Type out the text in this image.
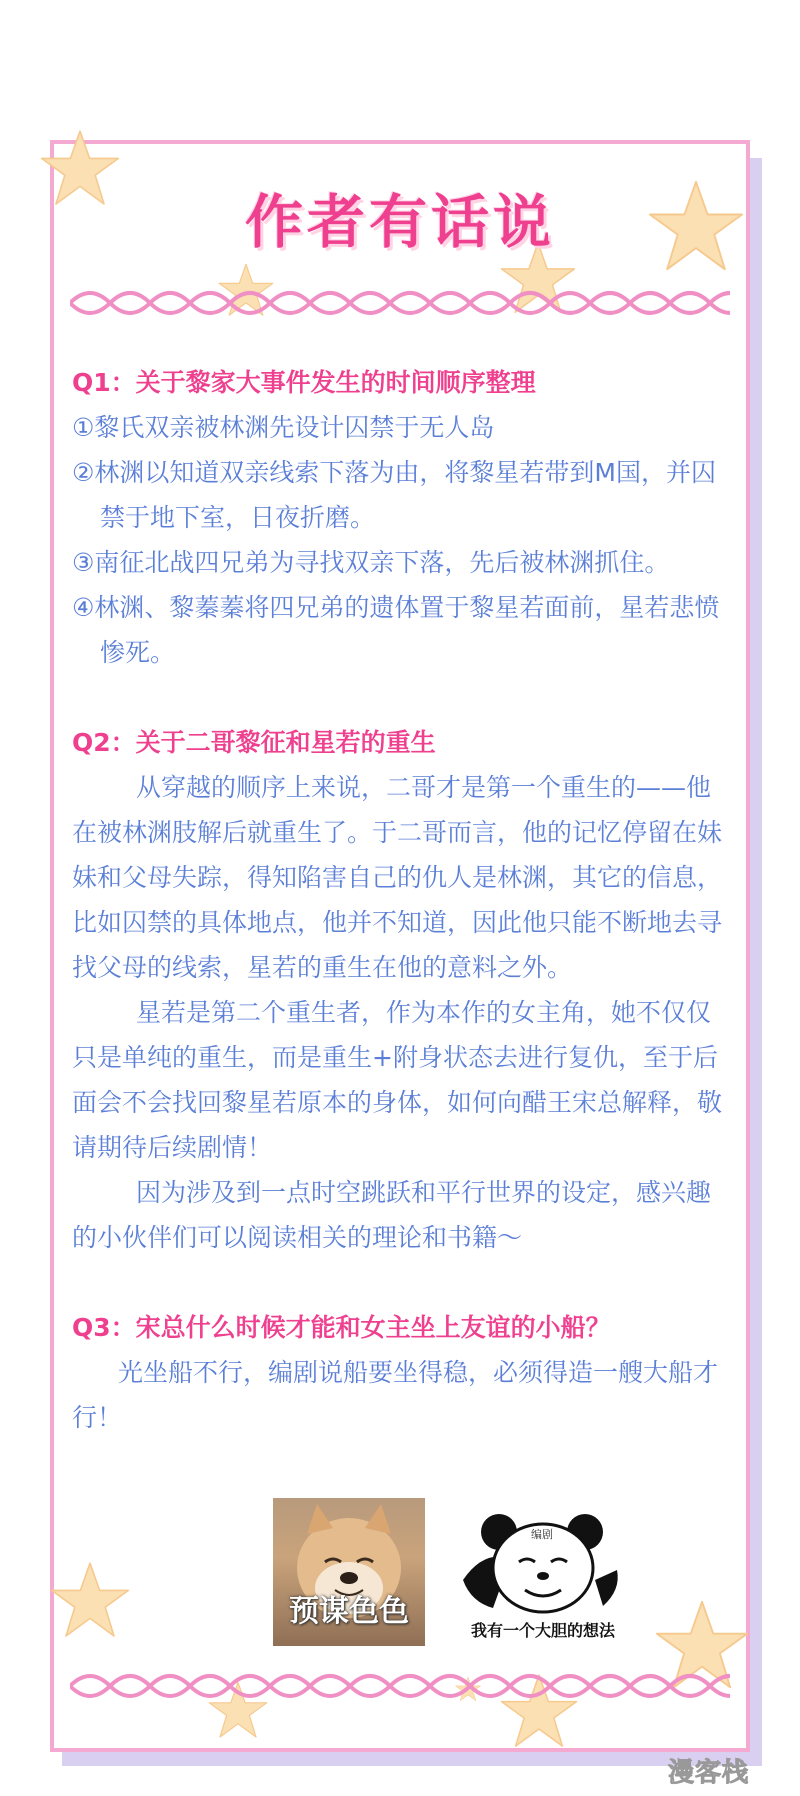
作者有话说

Q1：关于黎家大事件发生的时间顺序整理

①黎氏双亲被林渊先设计囚禁于无人岛

②林渊以知道双亲线索下落为由，将黎星若带到M国，并囚禁于地下室，日夜折磨。

③南征北战四兄弟为寻找双亲下落，先后被林渊抓住。

④林渊、黎蓁蓁将四兄弟的遗体置于黎星若面前，星若悲愤惨死。

Q2：关于二哥黎征和星若的重生

从穿越的顺序上来说，二哥才是第一个重生的——他在被林渊肢解后就重生了。于二哥而言，他的记忆停留在妹妹和父母失踪，得知陷害自己的仇人是林渊，其它的信息，比如囚禁的具体地点，他并不知道，因此他只能不断地去寻找父母的线索，星若的重生在他的意料之外。

星若是第二个重生者，作为本作的女主角，她不仅仅只是单纯的重生，而是重生+附身状态去进行复仇，至于后面会不会找回黎星若原本的身体，如何向醋王宋总解释，敬请期待后续剧情！

因为涉及到一点时空跳跃和平行世界的设定，感兴趣的小伙伴们可以阅读相关的理论和书籍～

Q3：宋总什么时候才能和女主坐上友谊的小船？

光坐船不行，编剧说船要坐得稳，必须得造一艘大船才行！

预谋色色
编剧
我有一个大胆的想法
漫客栈
